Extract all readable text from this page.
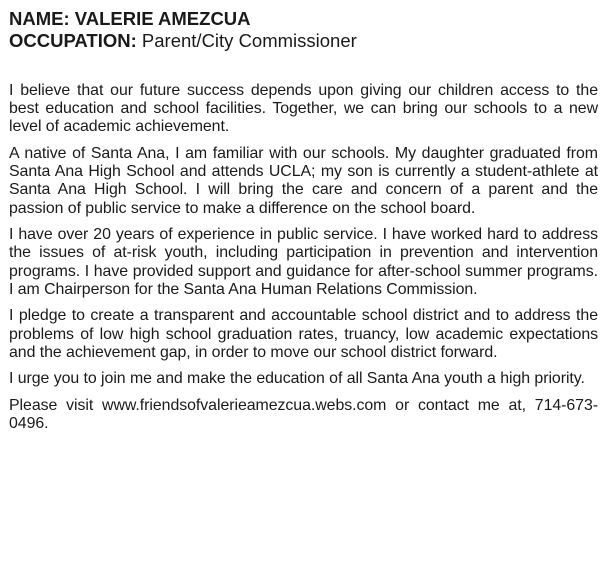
NAME: VALERIE AMEZCUA

OCCUPATION: Parent/City Commissioner

I believe that our future success depends upon giving our children access to the best education and school facilities. Together, we can bring our schools to a new level of academic achievement.

A native of Santa Ana, I am familiar with our schools. My daughter graduated from Santa Ana High School and attends UCLA; my son is currently a student-athlete at Santa Ana High School. I will bring the care and concern of a parent and the passion of public service to make a difference on the school board.

I have over 20 years of experience in public service. I have worked hard to address the issues of at-risk youth, including participation in prevention and intervention programs. I have provided support and guidance for after-school summer programs. I am Chairperson for the Santa Ana Human Relations Commission.

I pledge to create a transparent and accountable school district and to address the problems of low high school graduation rates, truancy, low academic expectations and the achievement gap, in order to move our school district forward.

I urge you to join me and make the education of all Santa Ana youth a high priority.

Please visit www.friendsofvalerieamezcua.webs.com or contact me at, 714-673-0496.
